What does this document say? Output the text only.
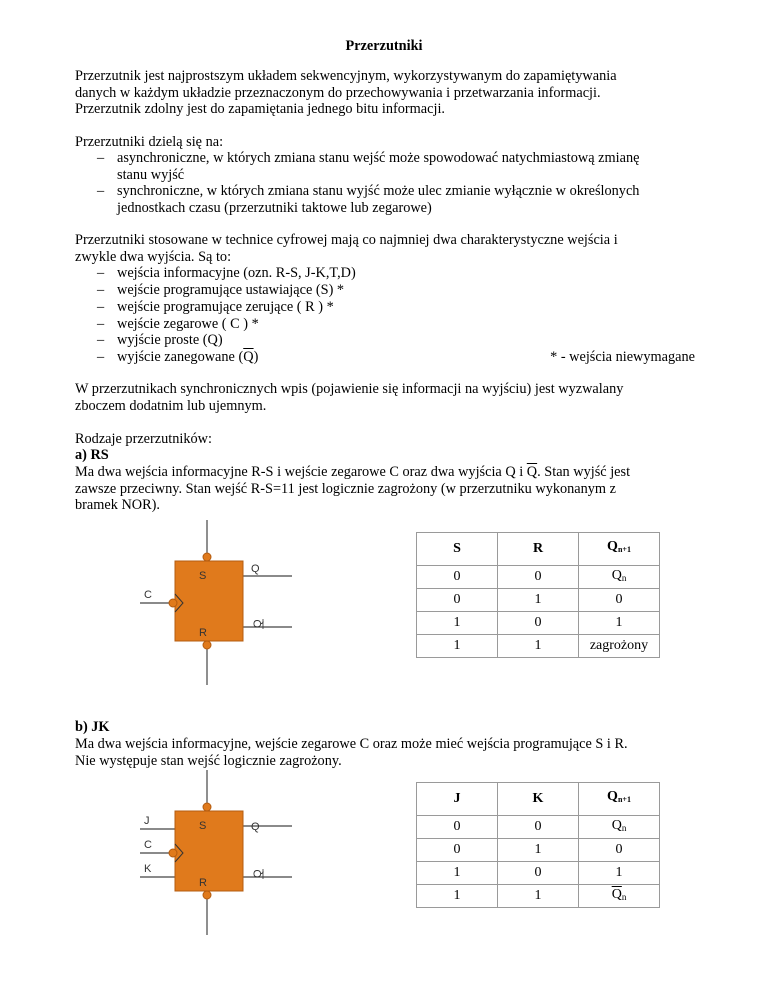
Przerzutniki
Przerzutnik jest najprostszym układem sekwencyjnym, wykorzystywanym do zapamiętywania
danych w każdym układzie przeznaczonym do przechowywania i przetwarzania informacji.
Przerzutnik zdolny jest do zapamiętania jednego bitu informacji.
Przerzutniki dzielą się na:
– asynchroniczne, w których zmiana stanu wejść może spowodować natychmiastową zmianę
stanu wyjść
– synchroniczne, w których zmiana stanu wyjść może ulec zmianie wyłącznie w określonych
jednostkach czasu (przerzutniki taktowe lub zegarowe)
Przerzutniki stosowane w technice cyfrowej mają co najmniej dwa charakterystyczne wejścia i
zwykle dwa wyjścia. Są to:
– wejścia informacyjne (ozn. R-S, J-K,T,D)
– wejście programujące ustawiające (S) *
– wejście programujące zerujące ( R ) *
– wejście zegarowe ( C ) *
– wyjście proste (Q)
– wyjście zanegowane $(\overline{Q})$	* - wejścia niewymagane
W przerzutnikach synchronicznych wpis (pojawienie się informacji na wyjściu) jest wyzwalany
zboczem dodatnim lub ujemnym.
Rodzaje przerzutników:
a) RS
Ma dwa wejścia informacyjne R-S i wejście zegarowe C oraz dwa wyjścia Q i $\overline{Q}$. Stan wyjść jest
zawsze przeciwny. Stan wejść R-S=11 jest logicznie zagrożony (w przerzutniku wykonanym z
bramek NOR).
S
R
C
Q
Q
S	R	$Q_{n+1}$
0	0	$Q_n$
0	1	0
1	0	1
1	1	zagrożony
b) JK
Ma dwa wejścia informacyjne, wejście zegarowe C oraz może mieć wejścia programujące S i R.
Nie występuje stan wejść logicznie zagrożony.
S
R
J
C
K
Q
Q
J	K	$Q_{n+1}$
0	0	$Q_n$
0	1	0
1	0	1
1	1	$\overline{Q}_n$
